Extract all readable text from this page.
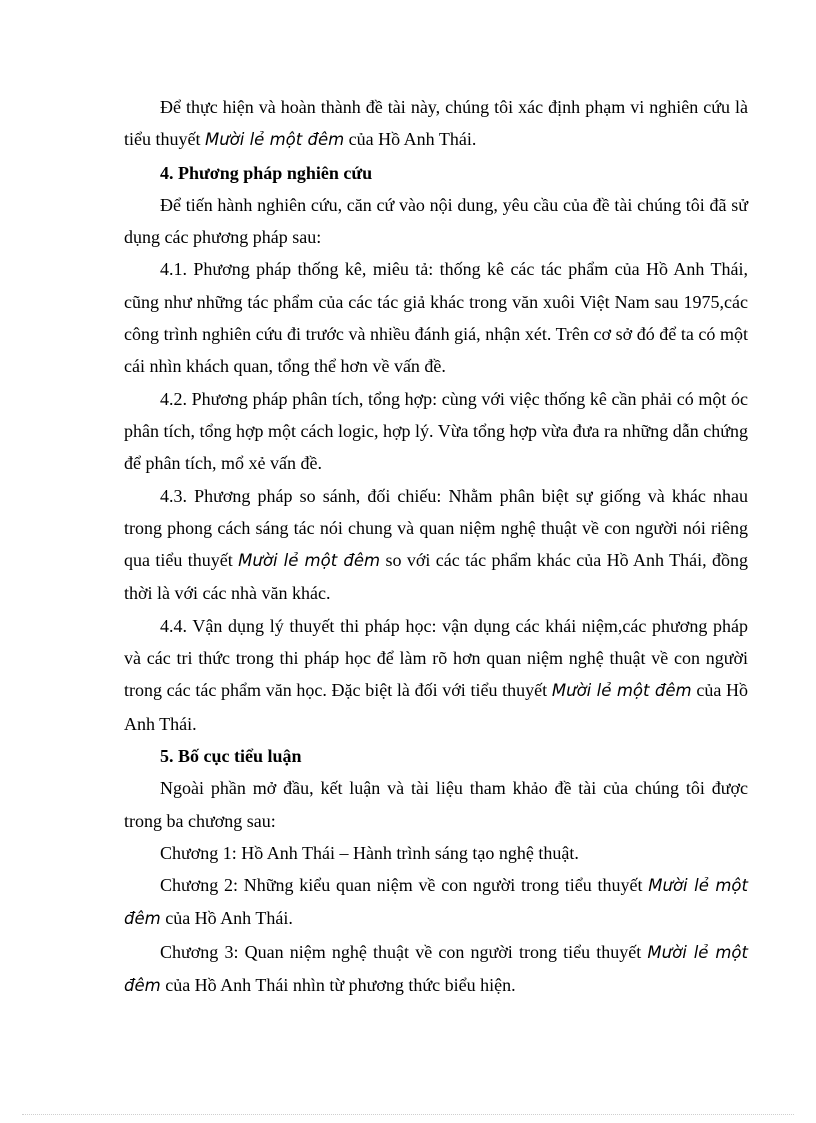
Để thực hiện và hoàn thành đề tài này, chúng tôi xác định phạm vi nghiên cứu là tiểu thuyết Mười lẻ một đêm của Hồ Anh Thái.

4. Phương pháp nghiên cứu

Để tiến hành nghiên cứu, căn cứ vào nội dung, yêu cầu của đề tài chúng tôi đã sử dụng các phương pháp sau:

4.1. Phương pháp thống kê, miêu tả: thống kê các tác phẩm của Hồ Anh Thái, cũng như những tác phẩm của các tác giả khác trong văn xuôi Việt Nam sau 1975,các công trình nghiên cứu đi trước và nhiều đánh giá, nhận xét. Trên cơ sở đó để ta có một cái nhìn khách quan, tổng thể hơn về vấn đề.

4.2. Phương pháp phân tích, tổng hợp: cùng với việc thống kê cần phải có một óc phân tích, tổng hợp một cách logic, hợp lý. Vừa tổng hợp vừa đưa ra những dẫn chứng để phân tích, mổ xẻ vấn đề.

4.3. Phương pháp so sánh, đối chiếu: Nhằm phân biệt sự giống và khác nhau trong phong cách sáng tác nói chung và quan niệm nghệ thuật về con người nói riêng qua tiểu thuyết Mười lẻ một đêm so với các tác phẩm khác của Hồ Anh Thái, đồng thời là với các nhà văn khác.

4.4. Vận dụng lý thuyết thi pháp học: vận dụng các khái niệm,các phương pháp và các tri thức trong thi pháp học để làm rõ hơn quan niệm nghệ thuật về con người trong các tác phẩm văn học. Đặc biệt là đối với tiểu thuyết Mười lẻ một đêm của Hồ Anh Thái.

5. Bố cục tiểu luận

Ngoài phần mở đầu, kết luận và tài liệu tham khảo đề tài của chúng tôi được trong ba chương sau:

Chương 1: Hồ Anh Thái – Hành trình sáng tạo nghệ thuật.

Chương 2: Những kiểu quan niệm về con người trong tiểu thuyết Mười lẻ một đêm của Hồ Anh Thái.

Chương 3: Quan niệm nghệ thuật về con người trong tiểu thuyết Mười lẻ một đêm của Hồ Anh Thái nhìn từ phương thức biểu hiện.
